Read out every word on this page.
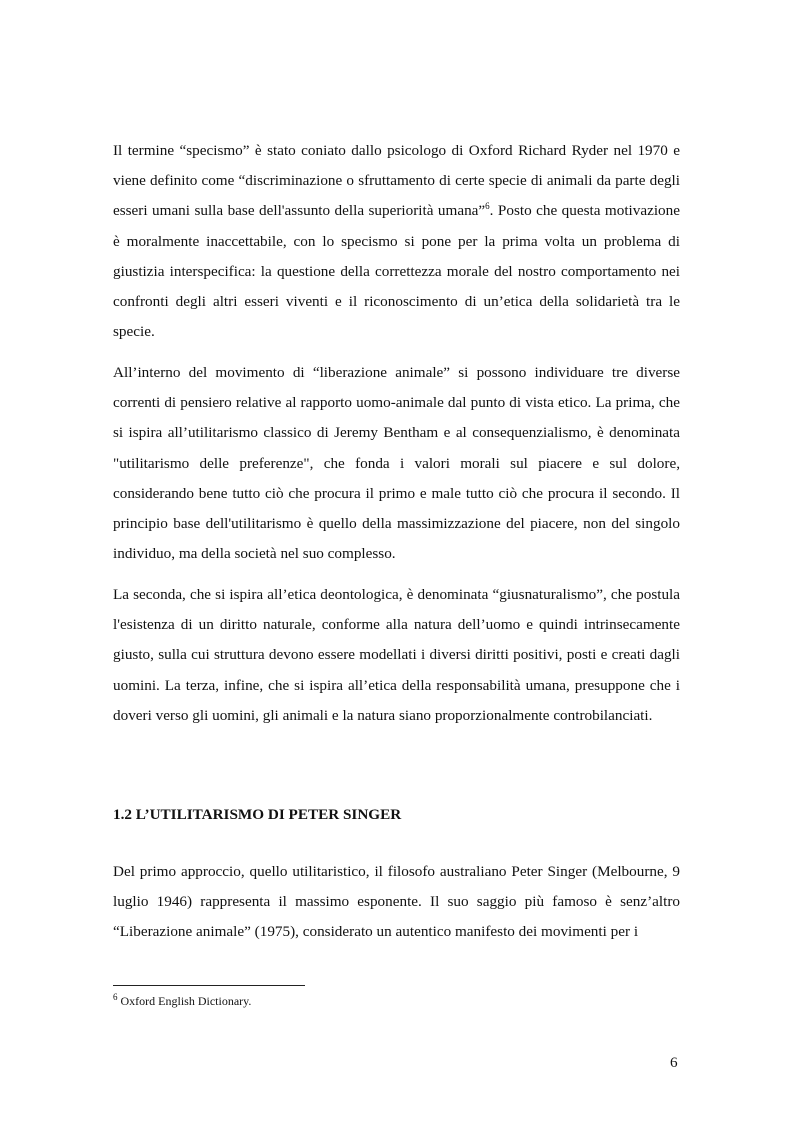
Il termine “specismo” è stato coniato dallo psicologo di Oxford Richard Ryder nel 1970 e viene definito come “discriminazione o sfruttamento di certe specie di animali da parte degli esseri umani sulla base dell'assunto della superiorità umana”$^6$. Posto che questa motivazione è moralmente inaccettabile, con lo specismo si pone per la prima volta un problema di giustizia interspecifica: la questione della correttezza morale del nostro comportamento nei confronti degli altri esseri viventi e il riconoscimento di un’etica della solidarietà tra le specie.

All’interno del movimento di “liberazione animale” si possono individuare tre diverse correnti di pensiero relative al rapporto uomo-animale dal punto di vista etico. La prima, che si ispira all’utilitarismo classico di Jeremy Bentham e al consequenzialismo, è denominata "utilitarismo delle preferenze", che fonda i valori morali sul piacere e sul dolore, considerando bene tutto ciò che procura il primo e male tutto ciò che procura il secondo. Il principio base dell'utilitarismo è quello della massimizzazione del piacere, non del singolo individuo, ma della società nel suo complesso.

La seconda, che si ispira all’etica deontologica, è denominata “giusnaturalismo”, che postula l'esistenza di un diritto naturale, conforme alla natura dell’uomo e quindi intrinsecamente giusto, sulla cui struttura devono essere modellati i diversi diritti positivi, posti e creati dagli uomini. La terza, infine, che si ispira all’etica della responsabilità umana, presuppone che i doveri verso gli uomini, gli animali e la natura siano proporzionalmente controbilanciati.

1.2 L’UTILITARISMO DI PETER SINGER

Del primo approccio, quello utilitaristico, il filosofo australiano Peter Singer (Melbourne, 9 luglio 1946) rappresenta il massimo esponente. Il suo saggio più famoso è senz’altro “Liberazione animale” (1975), considerato un autentico manifesto dei movimenti per i

$^6$ Oxford English Dictionary.
6
